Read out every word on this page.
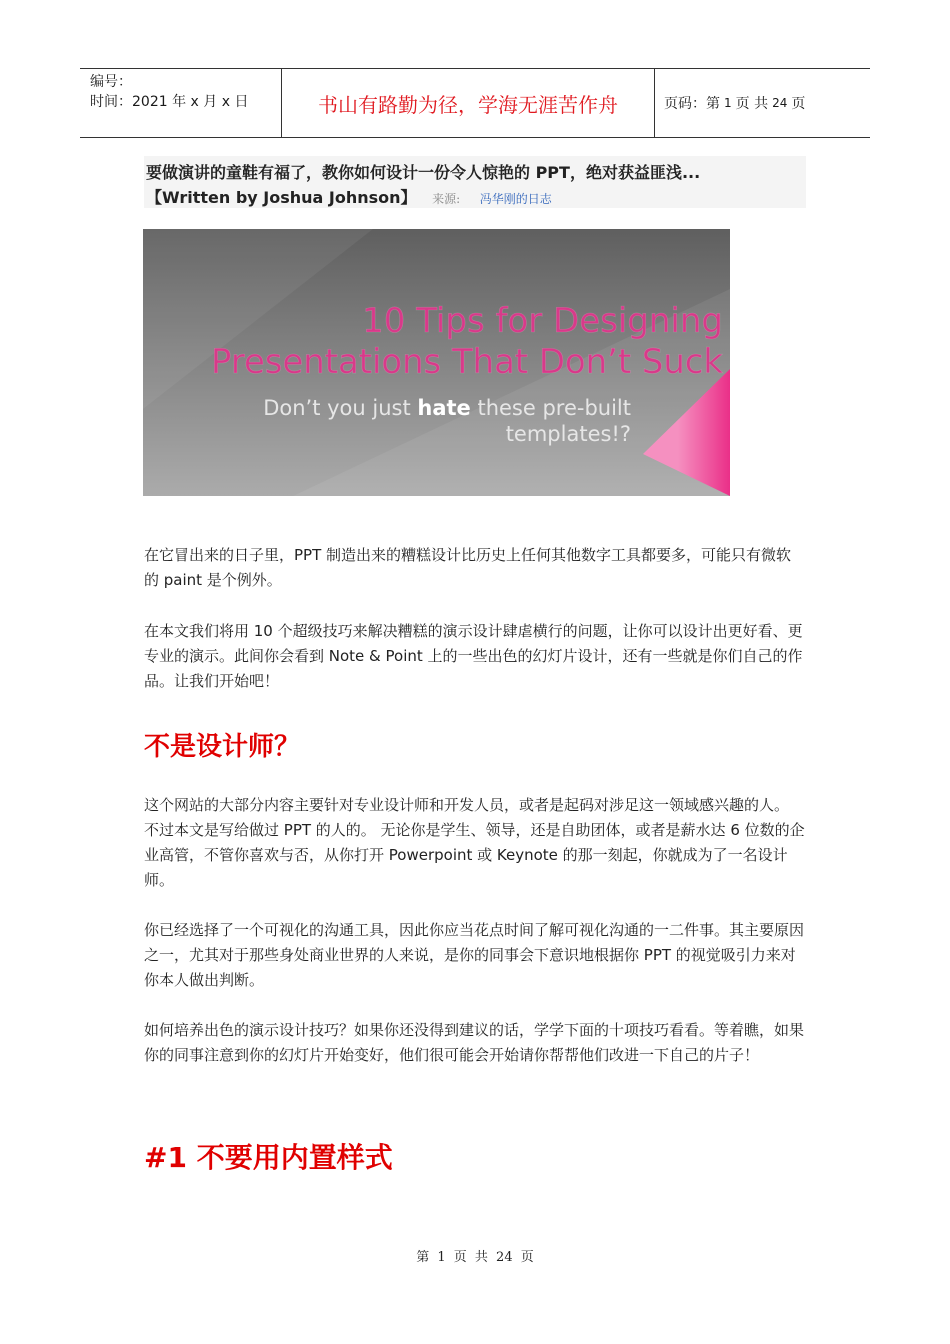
编号：
时间：2021 年 x 月 x 日	书山有路勤为径，学海无涯苦作舟	页码：第 1 页 共 24 页
要做演讲的童鞋有福了，教你如何设计一份令人惊艳的 PPT，绝对获益匪浅...
【Written by Joshua Johnson】 来源: 冯华刚的日志
10 Tips for Designing
Presentations That Don’t Suck
Don’t you just hate these pre-built
templates!?

在它冒出来的日子里，PPT 制造出来的糟糕设计比历史上任何其他数字工具都要多，可能只有微软的 paint 是个例外。

在本文我们将用 10 个超级技巧来解决糟糕的演示设计肆虐横行的问题，让你可以设计出更好看、更专业的演示。此间你会看到 Note & Point 上的一些出色的幻灯片设计，还有一些就是你们自己的作品。让我们开始吧！

不是设计师？

这个网站的大部分内容主要针对专业设计师和开发人员，或者是起码对涉足这一领域感兴趣的人。 不过本文是写给做过 PPT 的人的。 无论你是学生、领导，还是自助团体，或者是薪水达 6 位数的企业高管，不管你喜欢与否，从你打开 Powerpoint 或 Keynote 的那一刻起，你就成为了一名设计师。

你已经选择了一个可视化的沟通工具，因此你应当花点时间了解可视化沟通的一二件事。其主要原因之一，尤其对于那些身处商业世界的人来说，是你的同事会下意识地根据你 PPT 的视觉吸引力来对你本人做出判断。

如何培养出色的演示设计技巧？如果你还没得到建议的话，学学下面的十项技巧看看。等着瞧，如果你的同事注意到你的幻灯片开始变好，他们很可能会开始请你帮帮他们改进一下自己的片子！

#1 不要用内置样式
第 1 页 共 24 页
